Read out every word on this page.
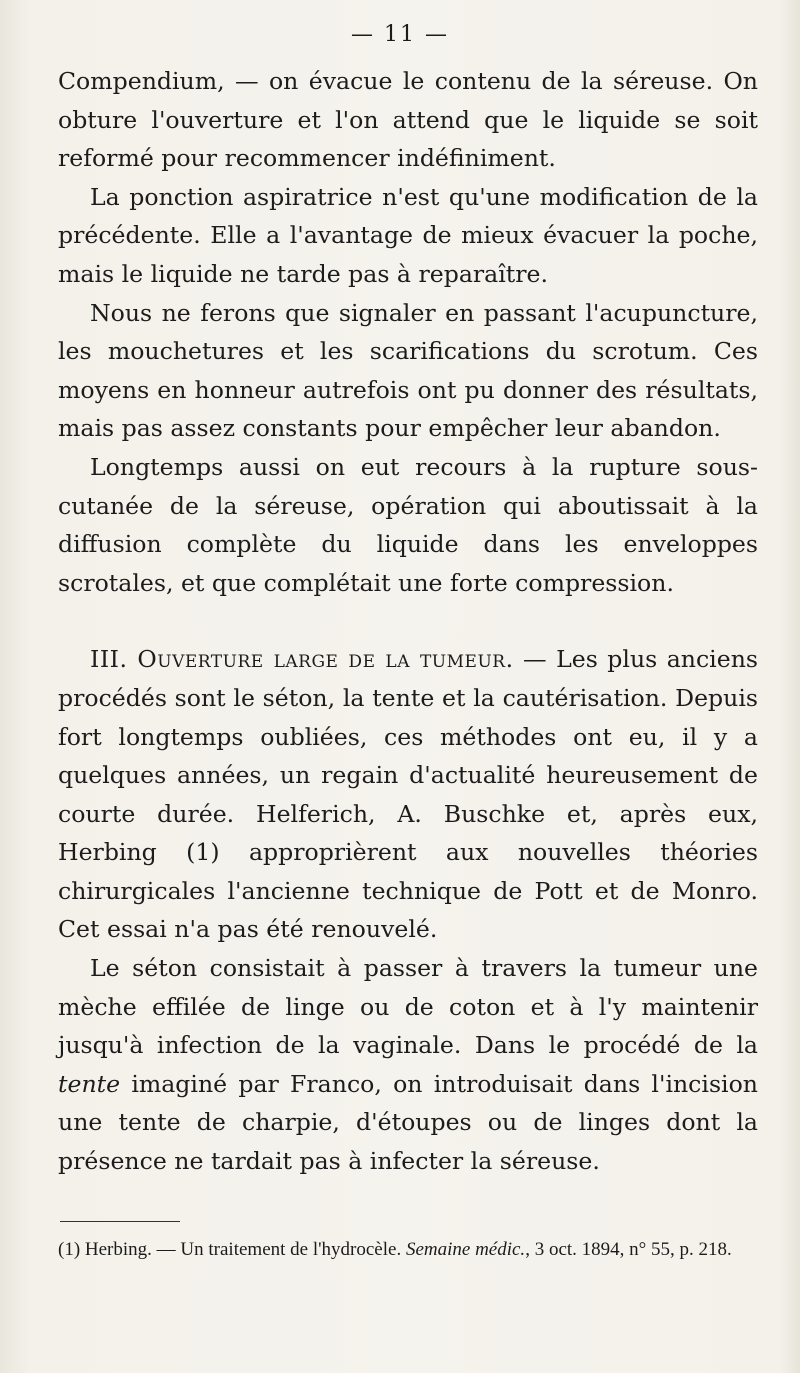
— 11 —

Compendium, — on évacue le contenu de la séreuse. On obture l'ouverture et l'on attend que le liquide se soit reformé pour recommencer indéfiniment.

La ponction aspiratrice n'est qu'une modification de la précédente. Elle a l'avantage de mieux évacuer la poche, mais le liquide ne tarde pas à reparaître.

Nous ne ferons que signaler en passant l'acupuncture, les mouchetures et les scarifications du scrotum. Ces moyens en honneur autrefois ont pu donner des résultats, mais pas assez constants pour empêcher leur abandon.

Longtemps aussi on eut recours à la rupture sous-cutanée de la séreuse, opération qui aboutissait à la diffusion complète du liquide dans les enveloppes scrotales, et que complétait une forte compression.

III. Ouverture large de la tumeur. — Les plus anciens procédés sont le séton, la tente et la cautérisation. Depuis fort longtemps oubliées, ces méthodes ont eu, il y a quelques années, un regain d'actualité heureusement de courte durée. Helferich, A. Buschke et, après eux, Herbing (1) approprièrent aux nouvelles théories chirurgicales l'ancienne technique de Pott et de Monro. Cet essai n'a pas été renouvelé.

Le séton consistait à passer à travers la tumeur une mèche effilée de linge ou de coton et à l'y maintenir jusqu'à infection de la vaginale. Dans le procédé de la tente imaginé par Franco, on introduisait dans l'incision une tente de charpie, d'étoupes ou de linges dont la présence ne tardait pas à infecter la séreuse.

(1) Herbing. — Un traitement de l'hydrocèle. Semaine médic., 3 oct. 1894, n° 55, p. 218.
